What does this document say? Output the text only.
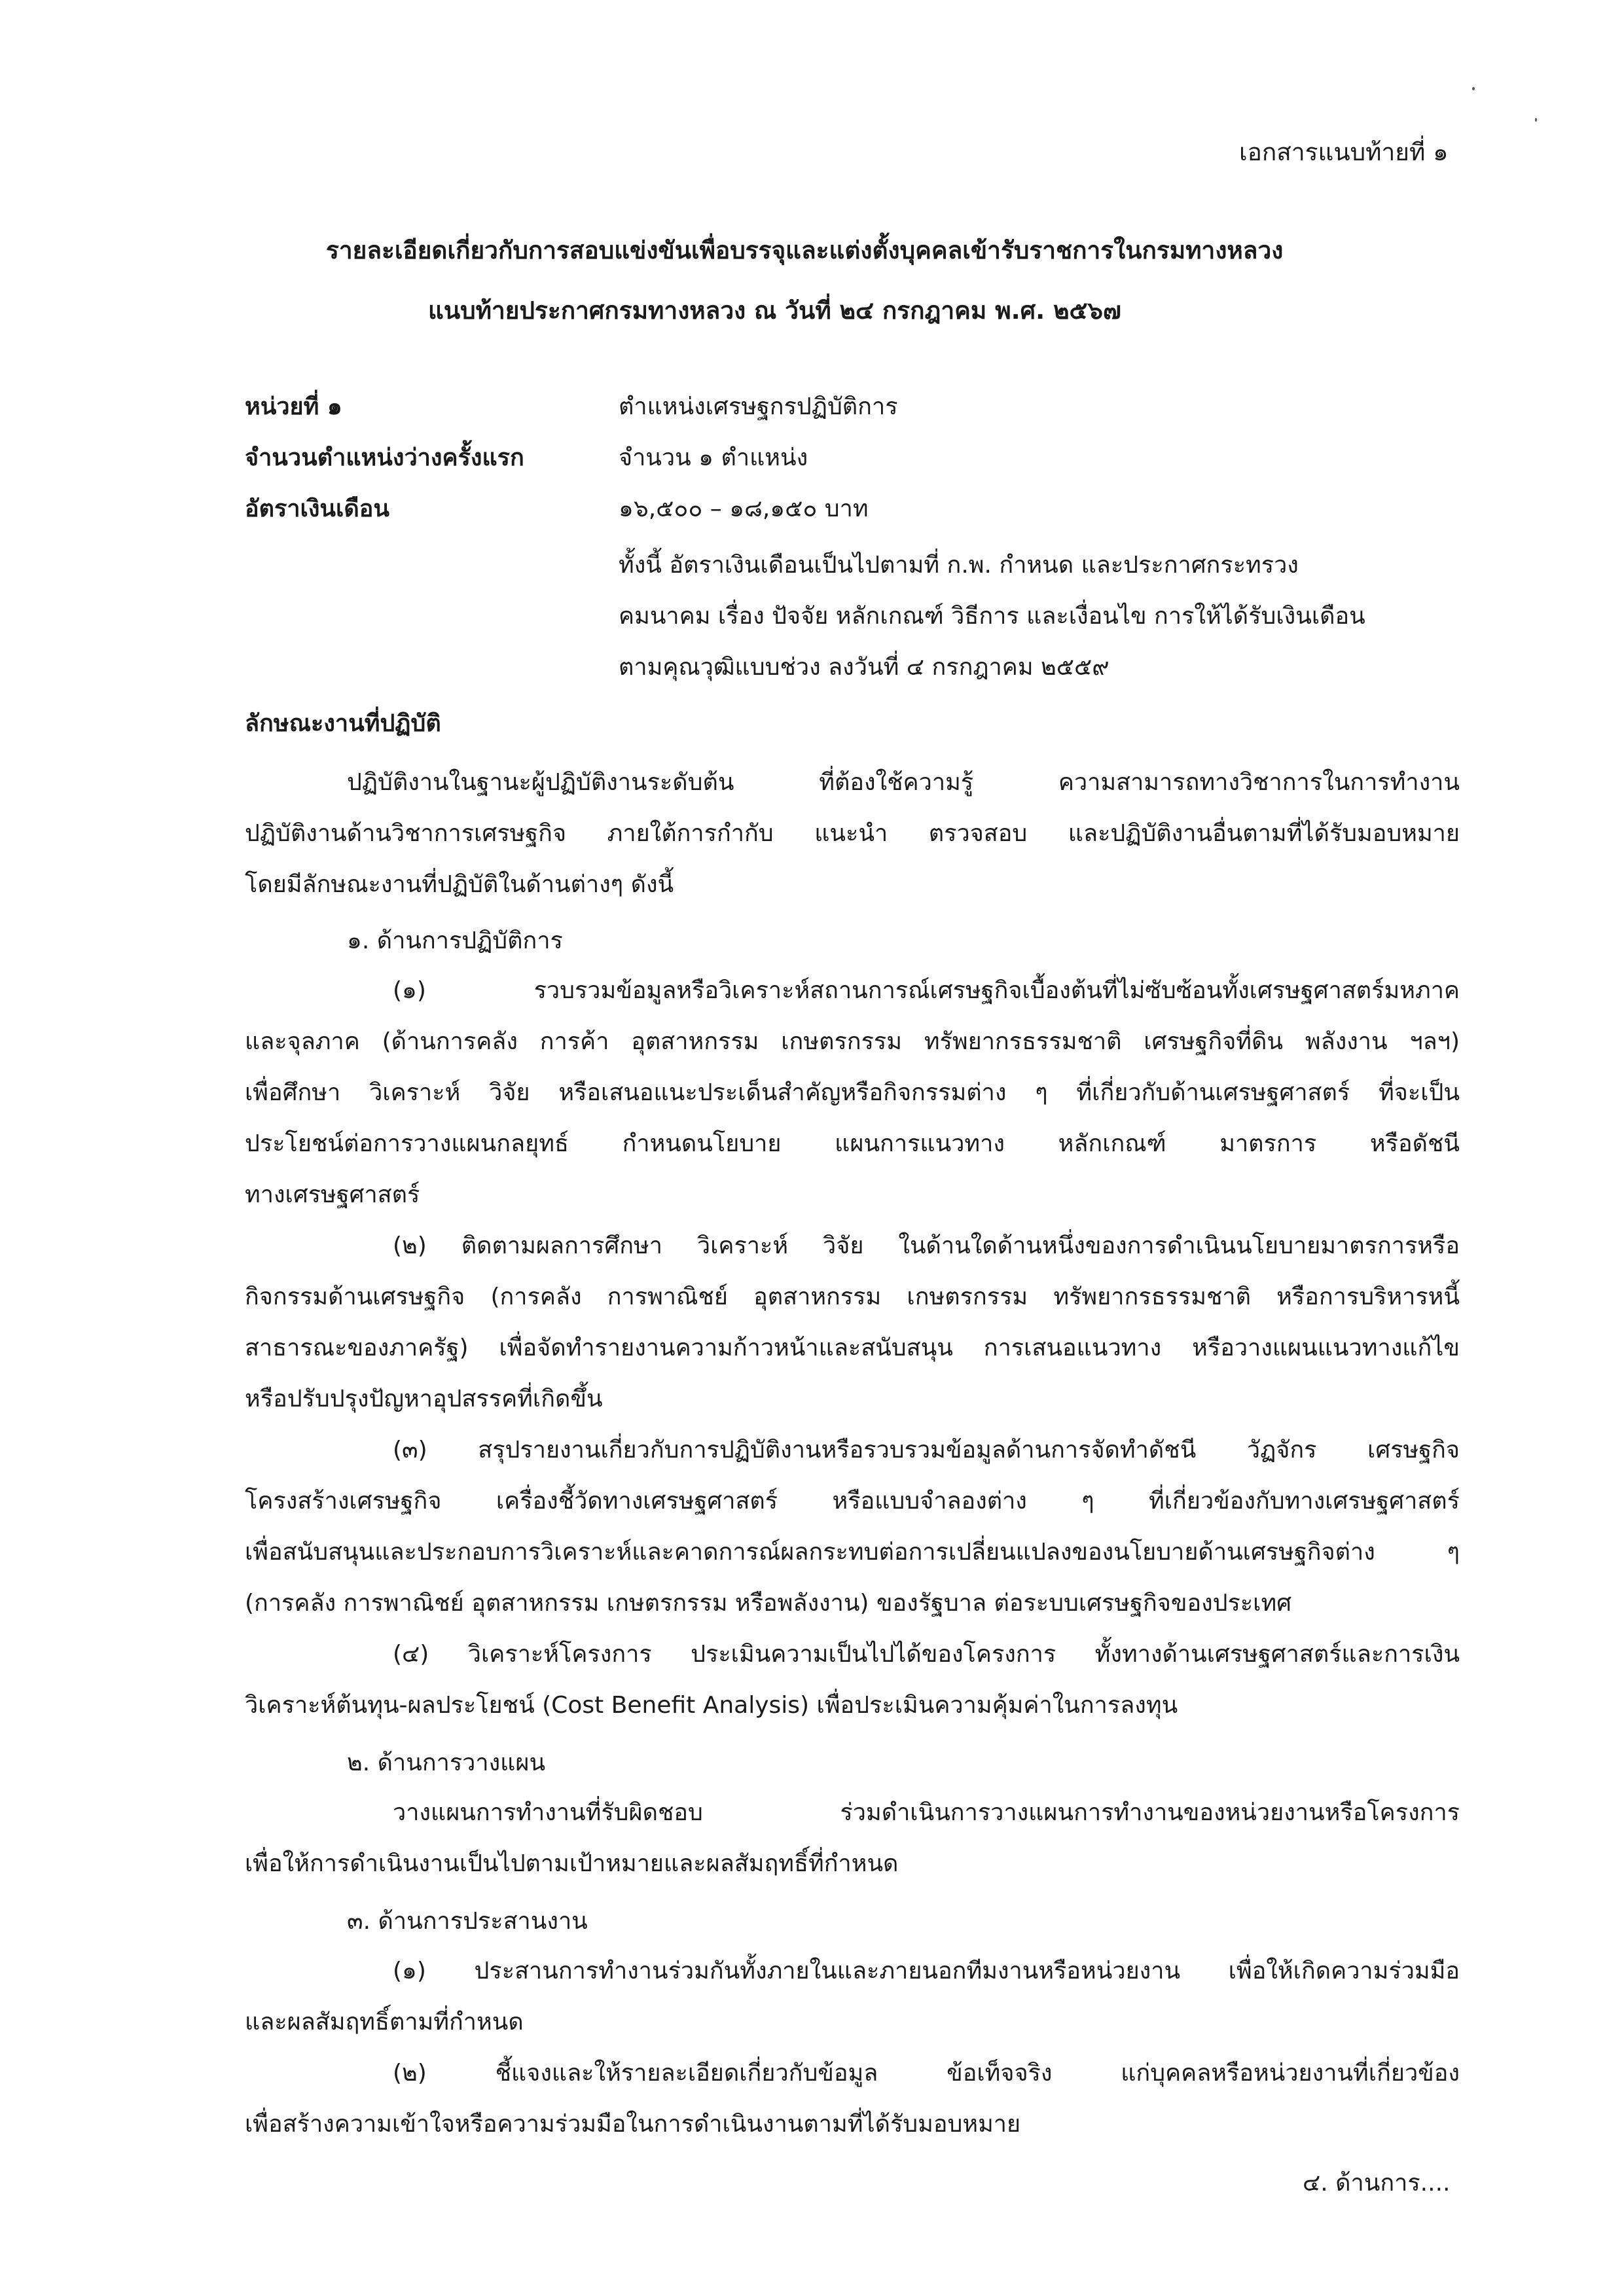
เอกสารแนบท้ายที่ ๑
รายละเอียดเกี่ยวกับการสอบแข่งขันเพื่อบรรจุและแต่งตั้งบุคคลเข้ารับราชการในกรมทางหลวง
แนบท้ายประกาศกรมทางหลวง ณ วันที่ ๒๔ กรกฎาคม พ.ศ. ๒๕๖๗
หน่วยที่ ๑	ตำแหน่งเศรษฐกรปฏิบัติการ
จำนวนตำแหน่งว่างครั้งแรก	จำนวน ๑ ตำแหน่ง
อัตราเงินเดือน	๑๖,๕๐๐ – ๑๘,๑๕๐ บาท
ทั้งนี้ อัตราเงินเดือนเป็นไปตามที่ ก.พ. กำหนด และประกาศกระทรวง
คมนาคม เรื่อง ปัจจัย หลักเกณฑ์ วิธีการ และเงื่อนไข การให้ได้รับเงินเดือน
ตามคุณวุฒิแบบช่วง ลงวันที่ ๔ กรกฎาคม ๒๕๕๙
ลักษณะงานที่ปฏิบัติ
ปฏิบัติงานในฐานะผู้ปฏิบัติงานระดับต้น ที่ต้องใช้ความรู้ ความสามารถทางวิชาการในการทำงาน
ปฏิบัติงานด้านวิชาการเศรษฐกิจ ภายใต้การกำกับ แนะนำ ตรวจสอบ และปฏิบัติงานอื่นตามที่ได้รับมอบหมาย
โดยมีลักษณะงานที่ปฏิบัติในด้านต่างๆ ดังนี้
๑. ด้านการปฏิบัติการ
(๑) รวบรวมข้อมูลหรือวิเคราะห์สถานการณ์เศรษฐกิจเบื้องต้นที่ไม่ซับซ้อนทั้งเศรษฐศาสตร์มหภาค
และจุลภาค (ด้านการคลัง การค้า อุตสาหกรรม เกษตรกรรม ทรัพยากรธรรมชาติ เศรษฐกิจที่ดิน พลังงาน ฯลฯ)
เพื่อศึกษา วิเคราะห์ วิจัย หรือเสนอแนะประเด็นสำคัญหรือกิจกรรมต่าง ๆ ที่เกี่ยวกับด้านเศรษฐศาสตร์ ที่จะเป็น
ประโยชน์ต่อการวางแผนกลยุทธ์ กำหนดนโยบาย แผนการแนวทาง หลักเกณฑ์ มาตรการ หรือดัชนี
ทางเศรษฐศาสตร์
(๒) ติดตามผลการศึกษา วิเคราะห์ วิจัย ในด้านใดด้านหนึ่งของการดำเนินนโยบายมาตรการหรือ
กิจกรรมด้านเศรษฐกิจ (การคลัง การพาณิชย์ อุตสาหกรรม เกษตรกรรม ทรัพยากรธรรมชาติ หรือการบริหารหนี้
สาธารณะของภาครัฐ) เพื่อจัดทำรายงานความก้าวหน้าและสนับสนุน การเสนอแนวทาง หรือวางแผนแนวทางแก้ไข
หรือปรับปรุงปัญหาอุปสรรคที่เกิดขึ้น
(๓) สรุปรายงานเกี่ยวกับการปฏิบัติงานหรือรวบรวมข้อมูลด้านการจัดทำดัชนี วัฏจักร เศรษฐกิจ
โครงสร้างเศรษฐกิจ เครื่องชี้วัดทางเศรษฐศาสตร์ หรือแบบจำลองต่าง ๆ ที่เกี่ยวข้องกับทางเศรษฐศาสตร์
เพื่อสนับสนุนและประกอบการวิเคราะห์และคาดการณ์ผลกระทบต่อการเปลี่ยนแปลงของนโยบายด้านเศรษฐกิจต่าง ๆ
(การคลัง การพาณิชย์ อุตสาหกรรม เกษตรกรรม หรือพลังงาน) ของรัฐบาล ต่อระบบเศรษฐกิจของประเทศ
(๔) วิเคราะห์โครงการ ประเมินความเป็นไปได้ของโครงการ ทั้งทางด้านเศรษฐศาสตร์และการเงิน
วิเคราะห์ต้นทุน-ผลประโยชน์ (Cost Benefit Analysis) เพื่อประเมินความคุ้มค่าในการลงทุน
๒. ด้านการวางแผน
วางแผนการทำงานที่รับผิดชอบ ร่วมดำเนินการวางแผนการทำงานของหน่วยงานหรือโครงการ
เพื่อให้การดำเนินงานเป็นไปตามเป้าหมายและผลสัมฤทธิ์ที่กำหนด
๓. ด้านการประสานงาน
(๑) ประสานการทำงานร่วมกันทั้งภายในและภายนอกทีมงานหรือหน่วยงาน เพื่อให้เกิดความร่วมมือ
และผลสัมฤทธิ์ตามที่กำหนด
(๒) ชี้แจงและให้รายละเอียดเกี่ยวกับข้อมูล ข้อเท็จจริง แก่บุคคลหรือหน่วยงานที่เกี่ยวข้อง
เพื่อสร้างความเข้าใจหรือความร่วมมือในการดำเนินงานตามที่ได้รับมอบหมาย
๔. ด้านการ....
